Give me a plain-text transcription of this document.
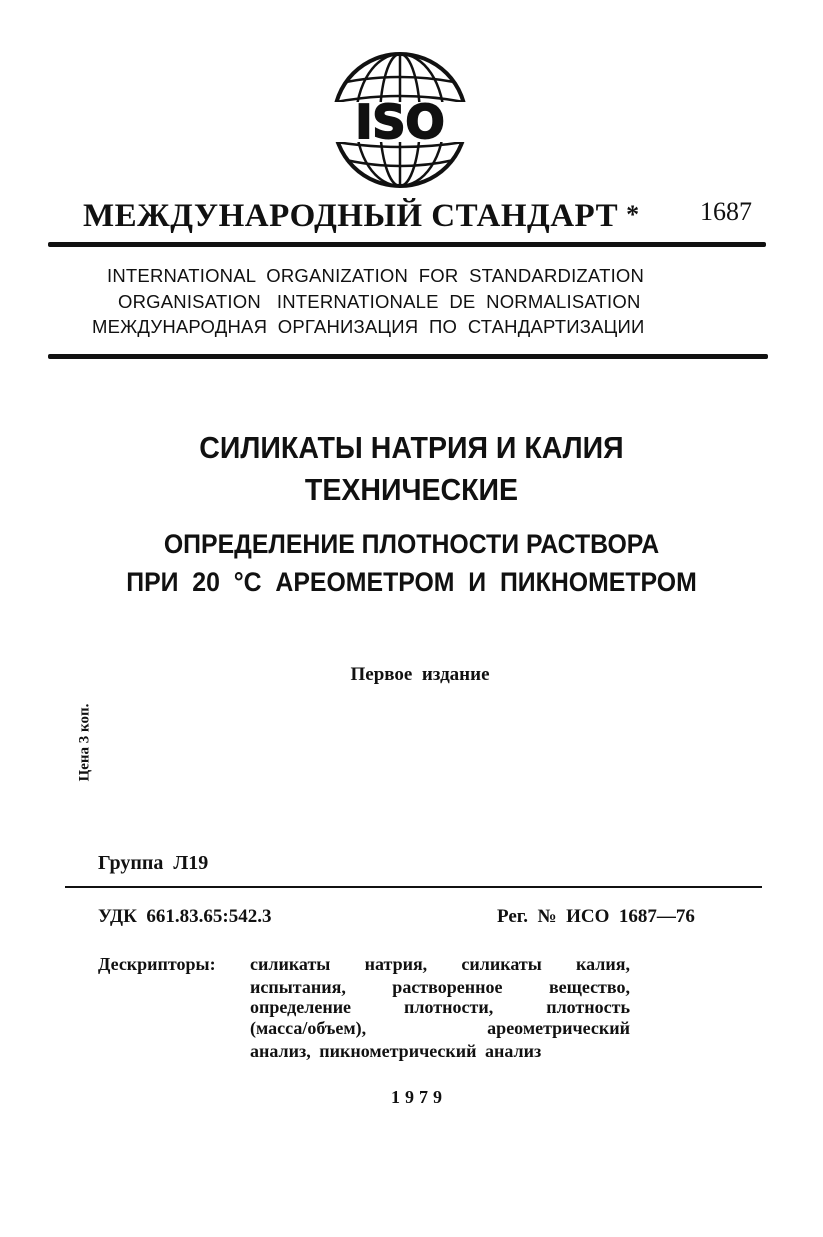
ISO
МЕЖДУНАРОДНЫЙ СТАНДАРТ * 1687
INTERNATIONAL  ORGANIZATION  FOR  STANDARDIZATION
ORGANISATION   INTERNATIONALE  DE  NORMALISATION
МЕЖДУНАРОДНАЯ  ОРГАНИЗАЦИЯ  ПО  СТАНДАРТИЗАЦИИ
СИЛИКАТЫ НАТРИЯ И КАЛИЯ
ТЕХНИЧЕСКИЕ
ОПРЕДЕЛЕНИЕ ПЛОТНОСТИ РАСТВОРА
ПРИ  20  °С  АРЕОМЕТРОМ  И  ПИКНОМЕТРОМ
Первое  издание
Цена 3 коп.
Группа  Л19
УДК  661.83.65:542.3	Рег.  №  ИСО  1687—76
Дескрипторы: силикаты натрия, силикаты калия,
испытания, растворенное вещество,
определение плотности, плотность
(масса/объем), ареометрический
анализ, пикнометрический анализ
1979
